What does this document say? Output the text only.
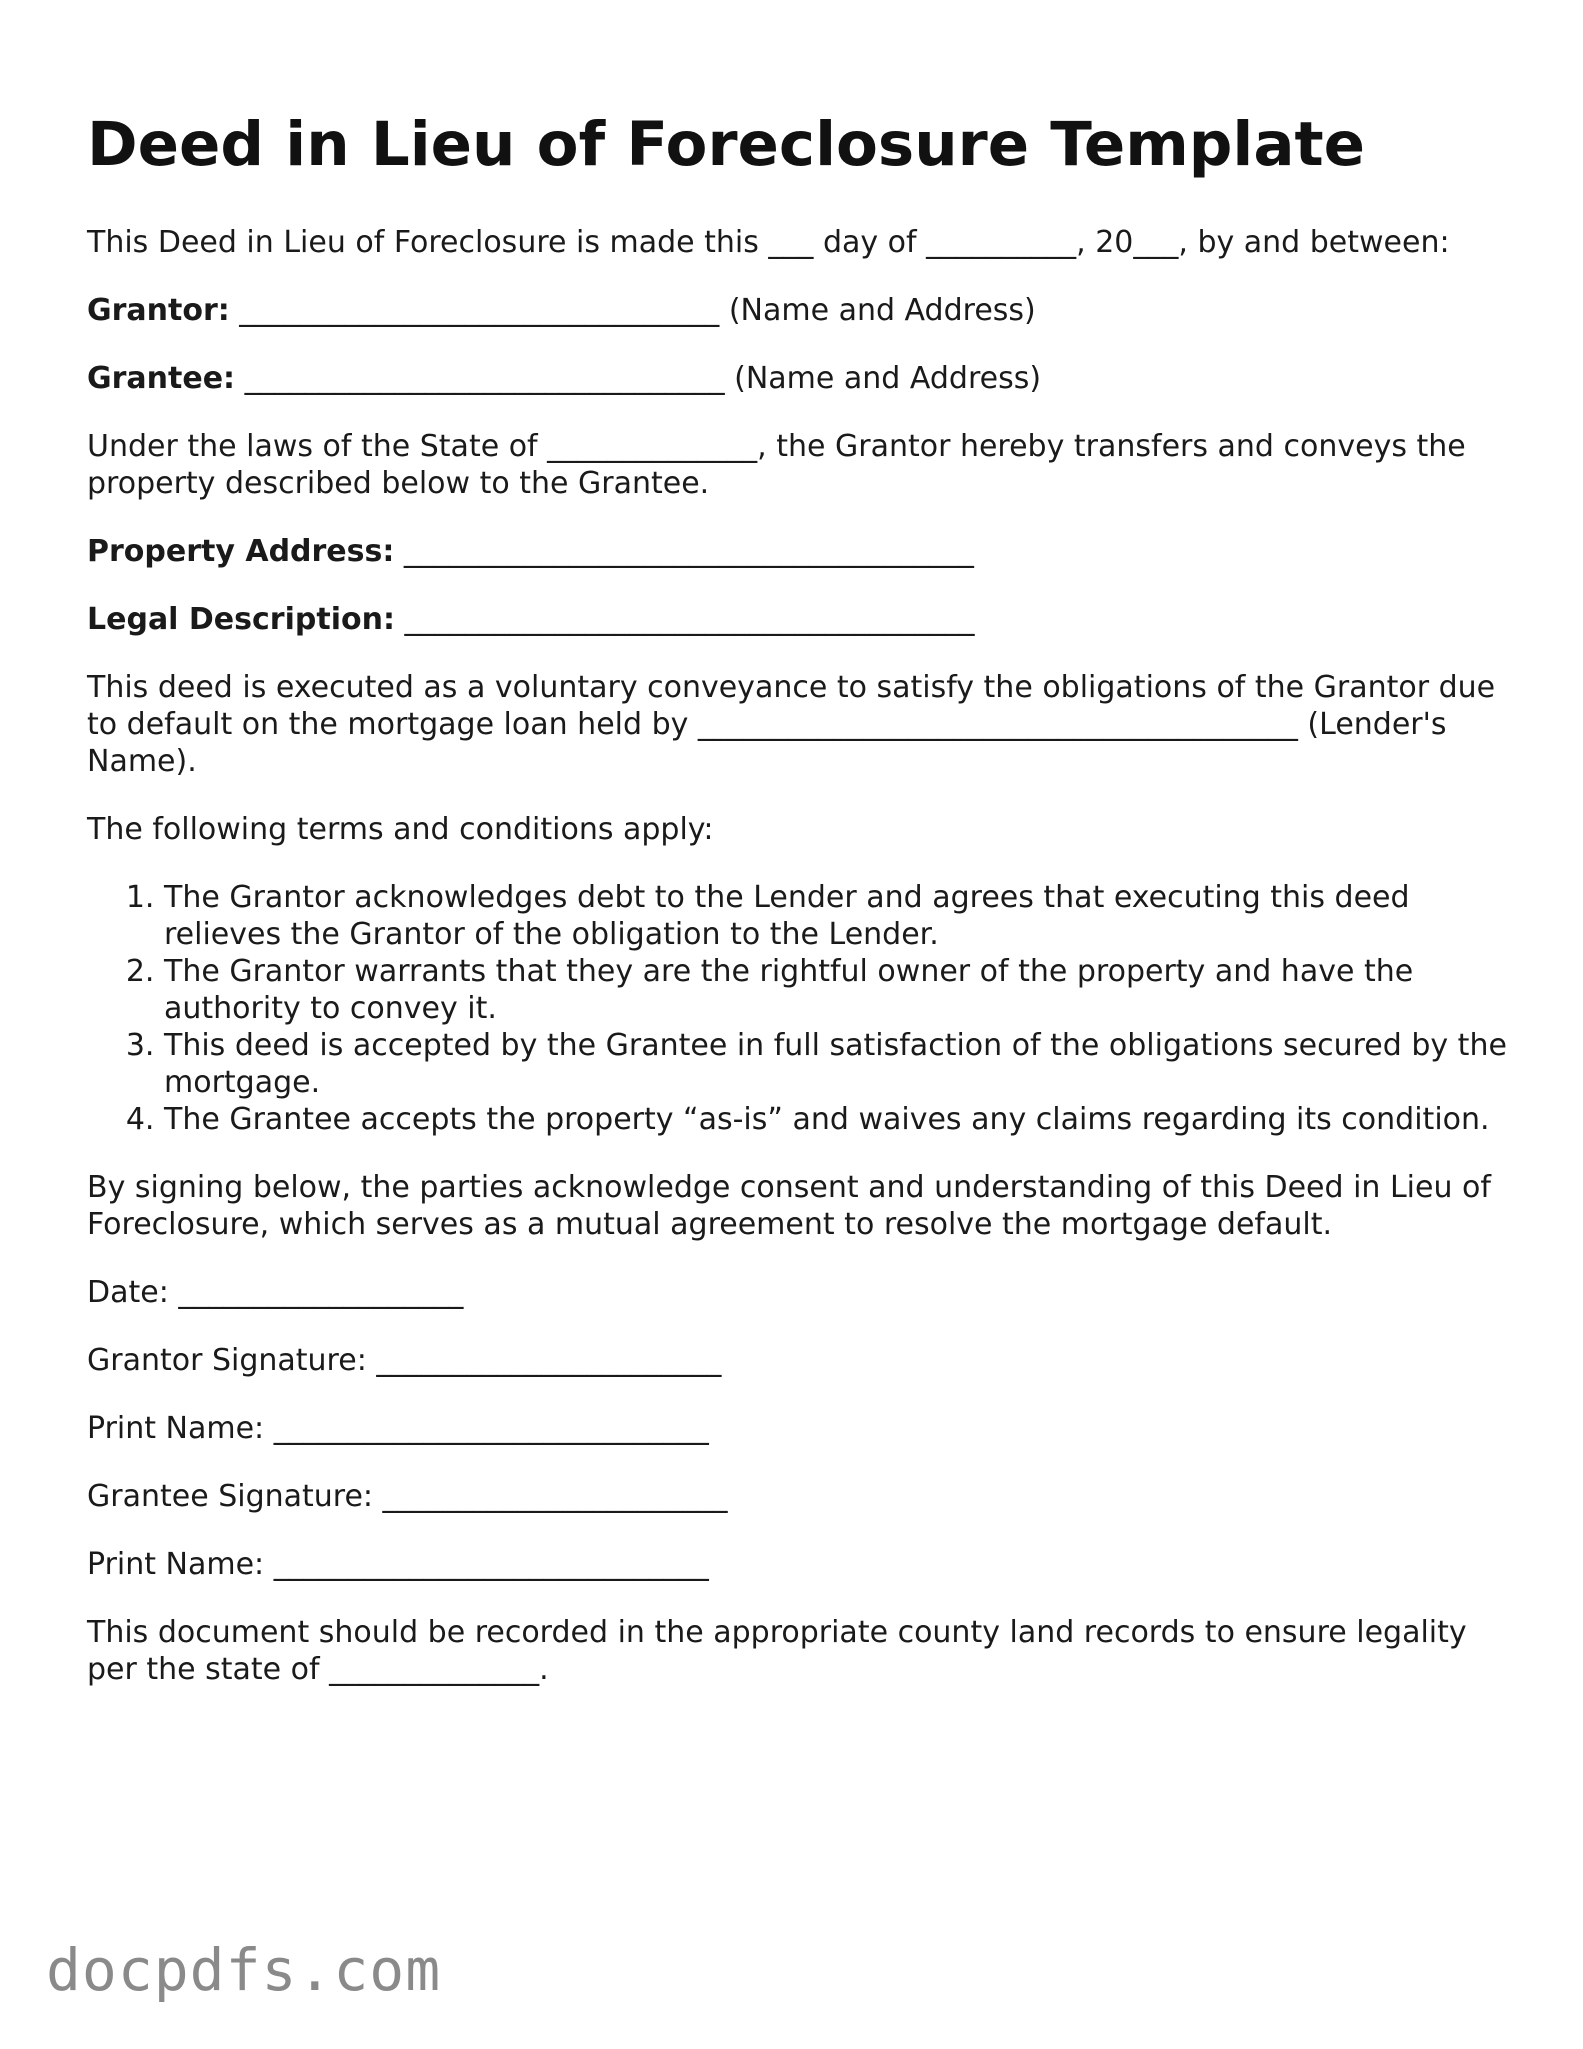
Deed in Lieu of Foreclosure Template

This Deed in Lieu of Foreclosure is made this ___ day of __________, 20___, by and between:

Grantor: ________________________________ (Name and Address)

Grantee: ________________________________ (Name and Address)

Under the laws of the State of ______________, the Grantor hereby transfers and conveys the property described below to the Grantee.

Property Address: ______________________________________

Legal Description: ______________________________________

This deed is executed as a voluntary conveyance to satisfy the obligations of the Grantor due to default on the mortgage loan held by ________________________________________ (Lender's Name).

The following terms and conditions apply:

1. The Grantor acknowledges debt to the Lender and agrees that executing this deed relieves the Grantor of the obligation to the Lender.
2. The Grantor warrants that they are the rightful owner of the property and have the authority to convey it.
3. This deed is accepted by the Grantee in full satisfaction of the obligations secured by the mortgage.
4. The Grantee accepts the property “as-is” and waives any claims regarding its condition.

By signing below, the parties acknowledge consent and understanding of this Deed in Lieu of Foreclosure, which serves as a mutual agreement to resolve the mortgage default.

Date: ___________________

Grantor Signature: _______________________

Print Name: _____________________________

Grantee Signature: _______________________

Print Name: _____________________________

This document should be recorded in the appropriate county land records to ensure legality per the state of ______________.

docpdfs.com
